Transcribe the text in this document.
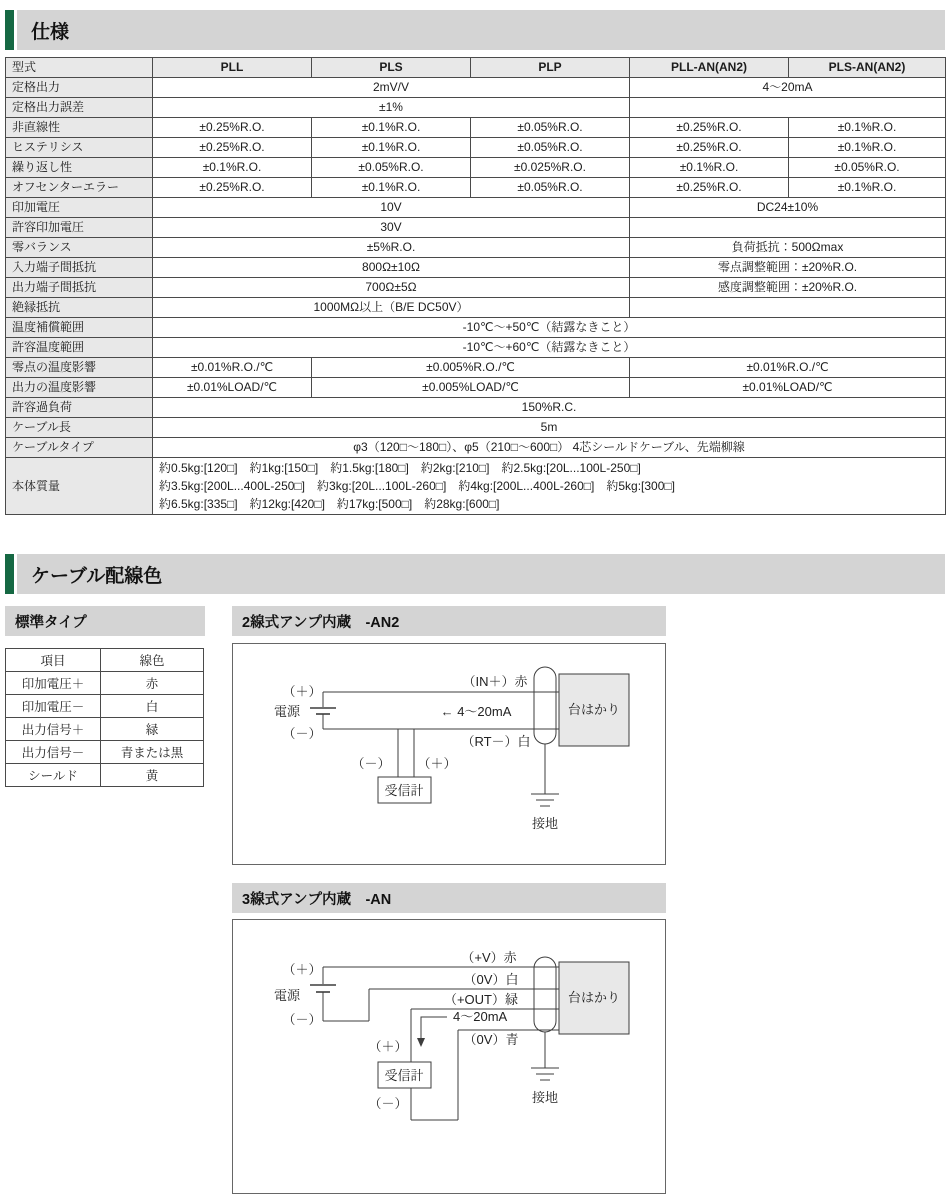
仕様
型式	PLL	PLS	PLP	PLL-AN(AN2)	PLS-AN(AN2)
定格出力	2mV/V			4～20mA	
定格出力誤差	±1%				
非直線性	±0.25%R.O.	±0.1%R.O.	±0.05%R.O.	±0.25%R.O.	±0.1%R.O.
ヒステリシス	±0.25%R.O.	±0.1%R.O.	±0.05%R.O.	±0.25%R.O.	±0.1%R.O.
繰り返し性	±0.1%R.O.	±0.05%R.O.	±0.025%R.O.	±0.1%R.O.	±0.05%R.O.
オフセンターエラー	±0.25%R.O.	±0.1%R.O.	±0.05%R.O.	±0.25%R.O.	±0.1%R.O.
印加電圧	10V			DC24±10%	
許容印加電圧	30V				
零バランス	±5%R.O.			負荷抵抗：500Ωmax	
入力端子間抵抗	800Ω±10Ω			零点調整範囲：±20%R.O.	
出力端子間抵抗	700Ω±5Ω			感度調整範囲：±20%R.O.	
絶縁抵抗	1000MΩ以上（B/E DC50V）				
温度補償範囲	-10℃～+50℃（結露なきこと）				
許容温度範囲	-10℃～+60℃（結露なきこと）				
零点の温度影響	±0.01%R.O./℃	±0.005%R.O./℃		±0.01%R.O./℃	
出力の温度影響	±0.01%LOAD/℃	±0.005%LOAD/℃		±0.01%LOAD/℃	
許容過負荷	150%R.C.				
ケーブル長	5m				
ケーブルタイプ	φ3（120□～180□）、φ5（210□～600□） 4芯シールドケーブル、先端柳線				
本体質量	約0.5kg:[120□]　約1kg:[150□]　約1.5kg:[180□]　約2kg:[210□]　約2.5kg:[20L...100L-250□]
約3.5kg:[200L...400L-250□]　約3kg:[20L...100L-260□]　約4kg:[200L...400L-260□]　約5kg:[300□]
約6.5kg:[335□]　約12kg:[420□]　約17kg:[500□]　約28kg:[600□]				
ケーブル配線色
標準タイプ
項目	線色
印加電圧＋	赤
印加電圧－	白
出力信号＋	緑
出力信号－	青または黒
シールド	黄
2線式アンプ内蔵　-AN2
台はかり
受信計
（＋）
電源
（－）
（IN＋）赤
← 4～20mA
（RT－）白
（－） （＋）
接地
3線式アンプ内蔵　-AN
台はかり
受信計
（＋）
電源
（－）
（+V）赤
（0V）白
（+OUT）緑
4～20mA
（0V）青
（＋）
（－）	接地
